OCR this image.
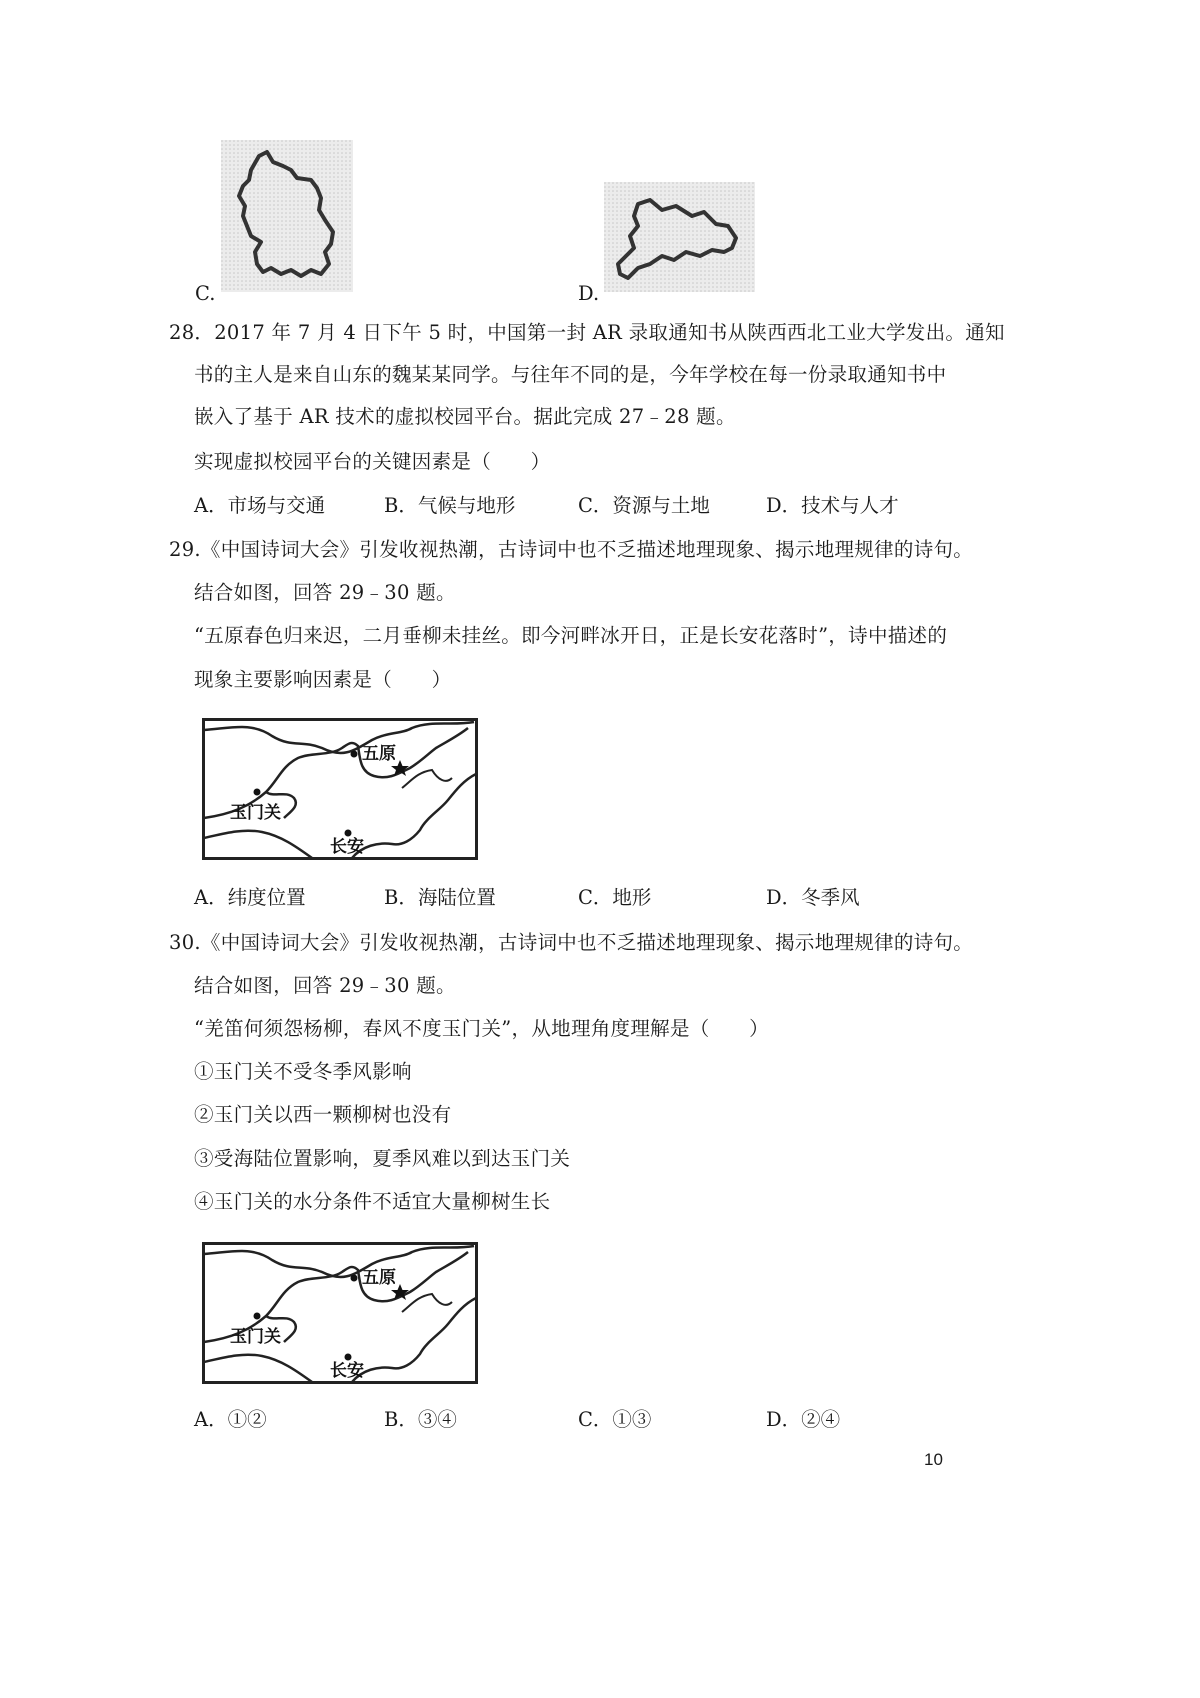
C.	D.
28．2017 年 7 月 4 日下午 5 时，中国第一封 AR 录取通知书从陕西西北工业大学发出。通知
书的主人是来自山东的魏某某同学。与往年不同的是，今年学校在每一份录取通知书中
嵌入了基于 AR 技术的虚拟校园平台。据此完成 27﹣28 题。
实现虚拟校园平台的关键因素是（　　）
A．市场与交通	B．气候与地形	C．资源与土地	D．技术与人才
29.《中国诗词大会》引发收视热潮，古诗词中也不乏描述地理现象、揭示地理规律的诗句。
结合如图，回答 29﹣30 题。
“五原春色归来迟，二月垂柳未挂丝。即今河畔冰开日，正是长安花落时”，诗中描述的
现象主要影响因素是（　　）
五原
玉门关
长安
A．纬度位置	B．海陆位置	C．地形	D．冬季风
30.《中国诗词大会》引发收视热潮，古诗词中也不乏描述地理现象、揭示地理规律的诗句。
结合如图，回答 29﹣30 题。
“羌笛何须怨杨柳，春风不度玉门关”，从地理角度理解是（　　）
①玉门关不受冬季风影响
②玉门关以西一颗柳树也没有
③受海陆位置影响，夏季风难以到达玉门关
④玉门关的水分条件不适宜大量柳树生长
五原
玉门关
长安
A．①②	B．③④	C．①③	D．②④
10
